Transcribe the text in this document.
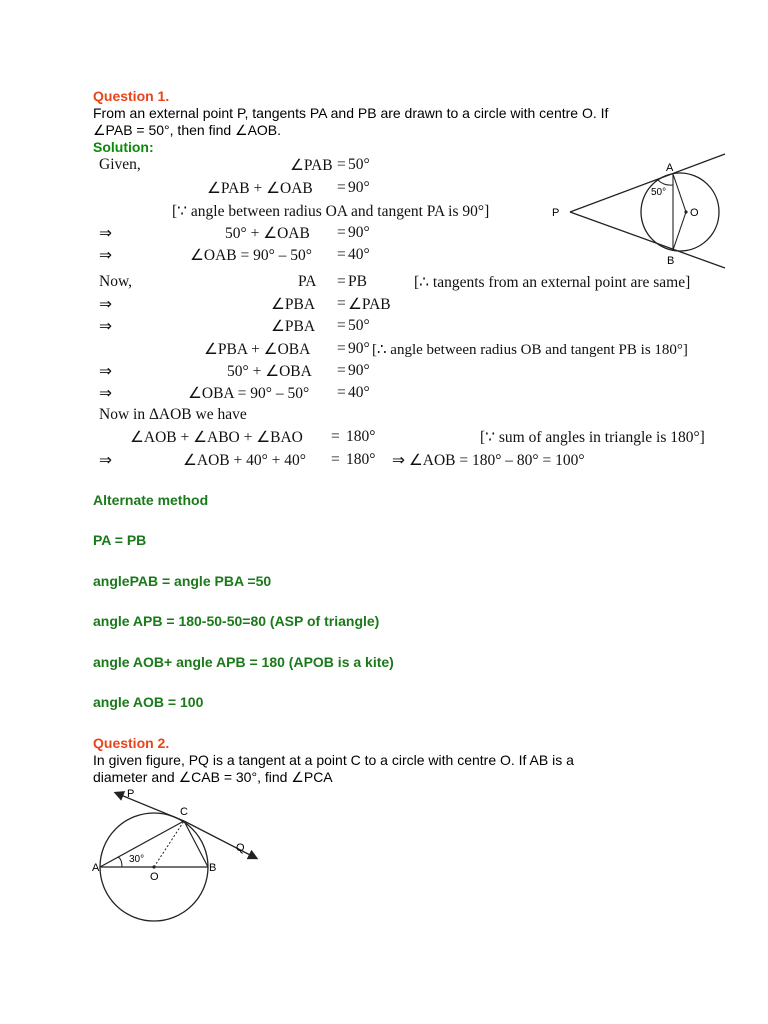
Question 1.
From an external point P, tangents PA and PB are drawn to a circle with centre O. If
∠PAB = 50°, then find ∠AOB.
Solution:
Given,	∠PAB = 50°
∠PAB + ∠OAB = 90°
[∵ angle between radius OA and tangent PA is 90°]
⇒	50° + ∠OAB = 90°
⇒	∠OAB = 90° – 50° = 40°
Now,	PA = PB	[∴ tangents from an external point are same]
⇒	∠PBA = ∠PAB
⇒	∠PBA = 50°
∠PBA + ∠OBA = 90° [∴ angle between radius OB and tangent PB is 180°]
⇒	50° + ∠OBA = 90°
⇒	∠OBA = 90° – 50° = 40°
Now in ΔAOB we have
∠AOB + ∠ABO + ∠BAO = 180°	[∵ sum of angles in triangle is 180°]
⇒	∠AOB + 40° + 40° = 180° ⇒ ∠AOB = 180° – 80° = 100°
A
B
P	O
50°
Alternate method
PA = PB
anglePAB = angle PBA =50
angle APB = 180-50-50=80 (ASP of triangle)
angle AOB+ angle APB = 180 (APOB is a kite)
angle AOB = 100
Question 2.
In given figure, PQ is a tangent at a point C to a circle with centre O. If AB is a
diameter and ∠CAB = 30°, find ∠PCA
P
C
Q
A	B
O
30°
